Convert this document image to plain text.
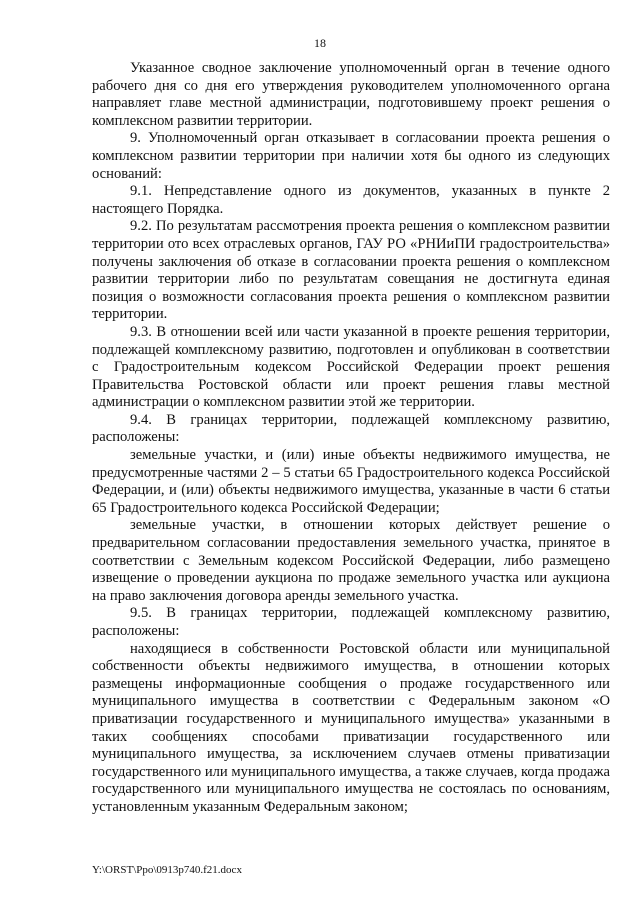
18

Указанное сводное заключение уполномоченный орган в течение одного рабочего дня со дня его утверждения руководителем уполномоченного органа направляет главе местной администрации, подготовившему проект решения о комплексном развитии территории.

9. Уполномоченный орган отказывает в согласовании проекта решения о комплексном развитии территории при наличии хотя бы одного из следующих оснований:

9.1. Непредставление одного из документов, указанных в пункте 2 настоящего Порядка.

9.2. По результатам рассмотрения проекта решения о комплексном развитии территории ото всех отраслевых органов, ГАУ РО «РНИиПИ градостроительства» получены заключения об отказе в согласовании проекта решения о комплексном развитии территории либо по результатам совещания не достигнута единая позиция о возможности согласования проекта решения о комплексном развитии территории.

9.3. В отношении всей или части указанной в проекте решения территории, подлежащей комплексному развитию, подготовлен и опубликован в соответствии с Градостроительным кодексом Российской Федерации проект решения Правительства Ростовской области или проект решения главы местной администрации о комплексном развитии этой же территории.

9.4. В границах территории, подлежащей комплексному развитию, расположены:

земельные участки, и (или) иные объекты недвижимого имущества, не предусмотренные частями 2 – 5 статьи 65 Градостроительного кодекса Российской Федерации, и (или) объекты недвижимого имущества, указанные в части 6 статьи 65 Градостроительного кодекса Российской Федерации;

земельные участки, в отношении которых действует решение о предварительном согласовании предоставления земельного участка, принятое в соответствии с Земельным кодексом Российской Федерации, либо размещено извещение о проведении аукциона по продаже земельного участка или аукциона на право заключения договора аренды земельного участка.

9.5. В границах территории, подлежащей комплексному развитию, расположены:

находящиеся в собственности Ростовской области или муниципальной собственности объекты недвижимого имущества, в отношении которых размещены информационные сообщения о продаже государственного или муниципального имущества в соответствии с Федеральным законом «О приватизации государственного и муниципального имущества» указанными в таких сообщениях способами приватизации государственного или муниципального имущества, за исключением случаев отмены приватизации государственного или муниципального имущества, а также случаев, когда продажа государственного или муниципального имущества не состоялась по основаниям, установленным указанным Федеральным законом;

Y:\ORST\Ppo\0913p740.f21.docx
